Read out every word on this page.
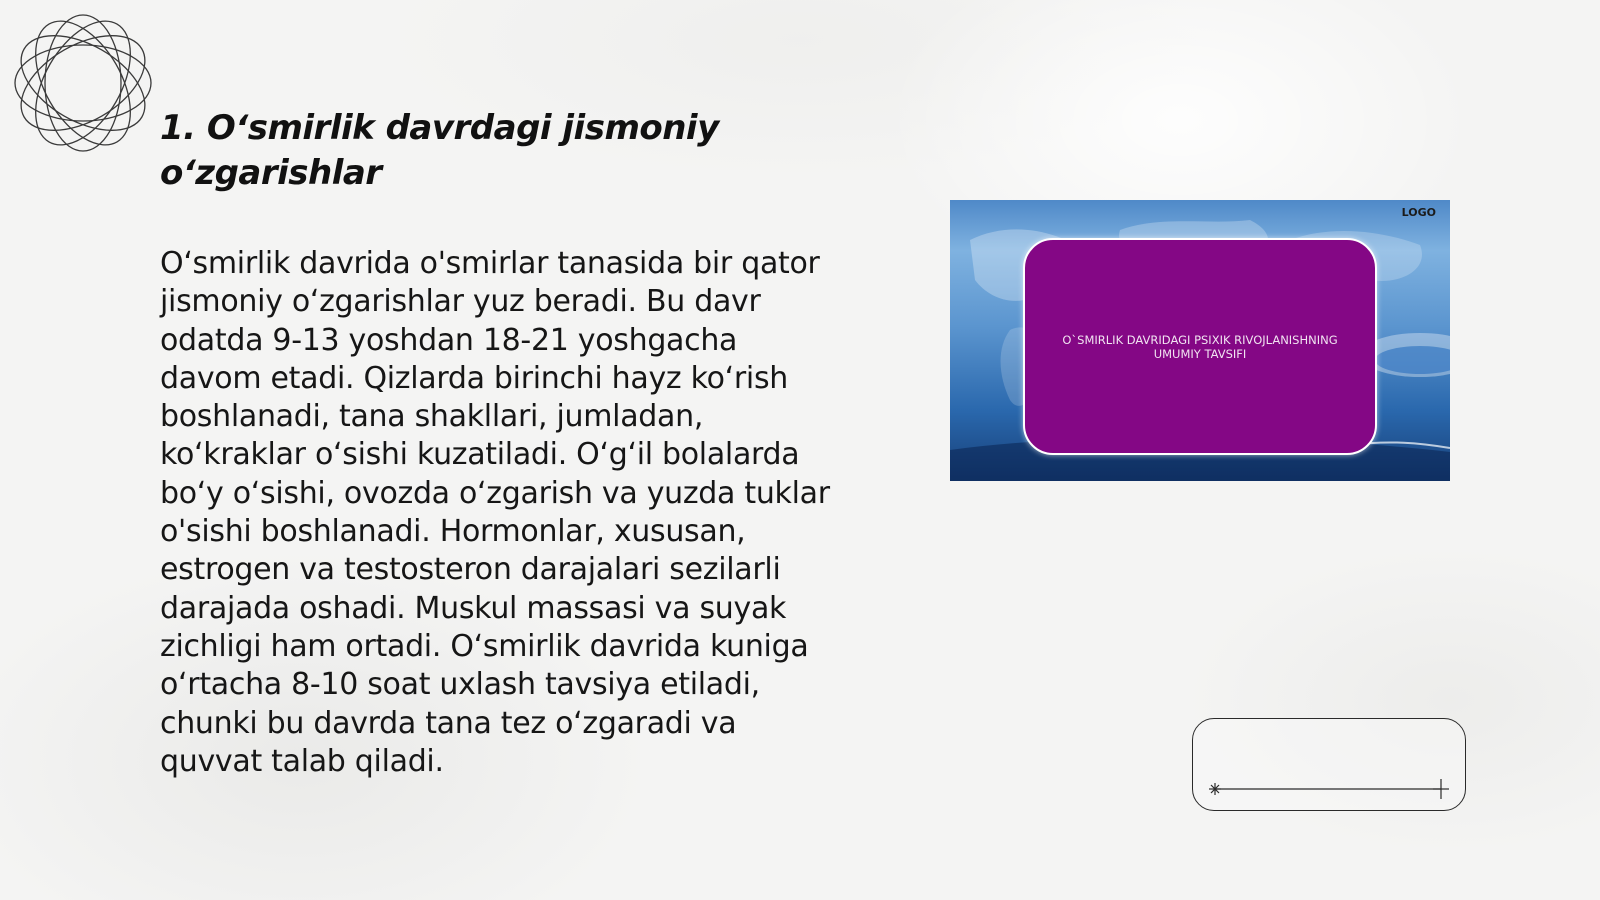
1. O‘smirlik davrdagi jismoniy o‘zgarishlar
O‘smirlik davrida o'smirlar tanasida bir qator jismoniy o‘zgarishlar yuz beradi. Bu davr odatda 9-13 yoshdan 18-21 yoshgacha davom etadi. Qizlarda birinchi hayz ko‘rish boshlanadi, tana shakllari, jumladan, ko‘kraklar o‘sishi kuzatiladi. O‘g‘il bolalarda bo‘y o‘sishi, ovozda o‘zgarish va yuzda tuklar o'sishi boshlanadi. Hormonlar, xususan, estrogen va testosteron darajalari sezilarli darajada oshadi. Muskul massasi va suyak zichligi ham ortadi. O‘smirlik davrida kuniga o‘rtacha 8-10 soat uxlash tavsiya etiladi, chunki bu davrda tana tez o‘zgaradi va quvvat talab qiladi.
LOGO
O`SMIRLIK DAVRIDAGI PSIXIK RIVOJLANISHNING UMUMIY TAVSIFI
